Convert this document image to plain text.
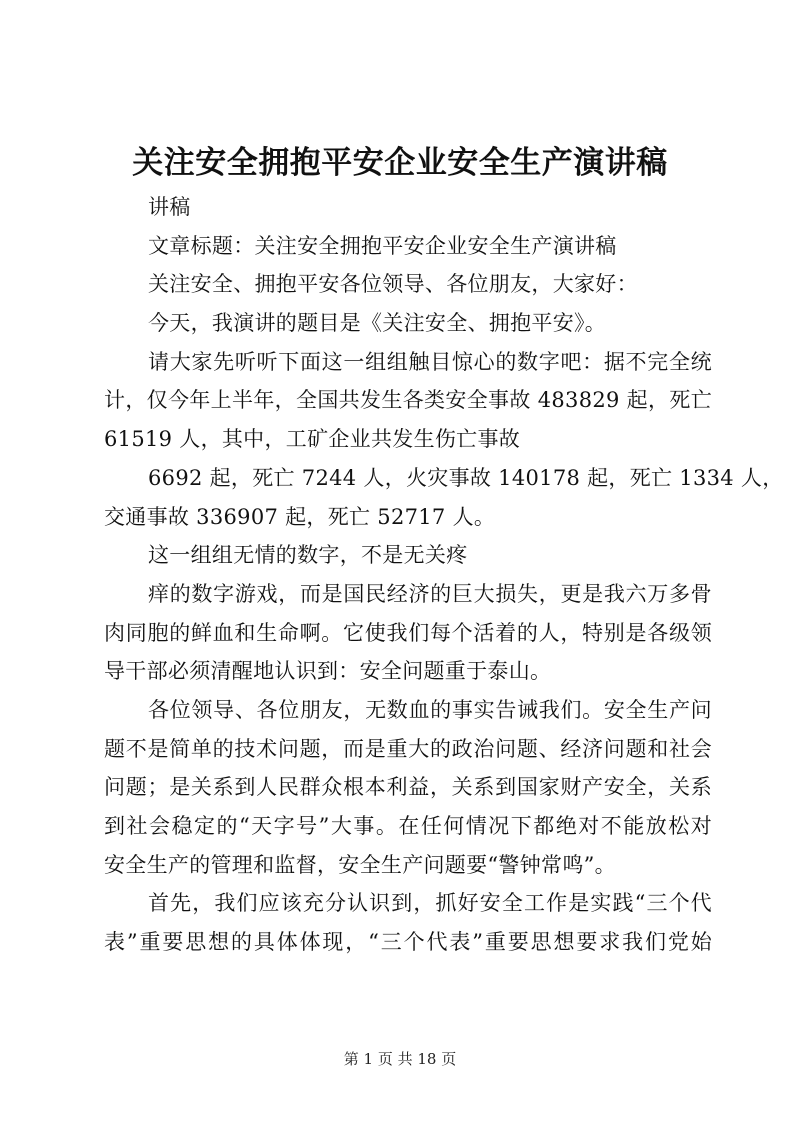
关注安全拥抱平安企业安全生产演讲稿
讲稿
文章标题：关注安全拥抱平安企业安全生产演讲稿
关注安全、拥抱平安各位领导、各位朋友，大家好：
今天，我演讲的题目是《关注安全、拥抱平安》。
请大家先听听下面这一组组触目惊心的数字吧：据不完全统
计，仅今年上半年，全国共发生各类安全事故 483829 起，死亡
61519 人，其中，工矿企业共发生伤亡事故
6692 起，死亡 7244 人，火灾事故 140178 起，死亡 1334 人，
交通事故 336907 起，死亡 52717 人。
这一组组无情的数字，不是无关疼
痒的数字游戏，而是国民经济的巨大损失，更是我六万多骨
肉同胞的鲜血和生命啊。它使我们每个活着的人，特别是各级领
导干部必须清醒地认识到：安全问题重于泰山。
各位领导、各位朋友，无数血的事实告诫我们。安全生产问
题不是简单的技术问题，而是重大的政治问题、经济问题和社会
问题；是关系到人民群众根本利益，关系到国家财产安全，关系
到社会稳定的“天字号”大事。在任何情况下都绝对不能放松对
安全生产的管理和监督，安全生产问题要“警钟常鸣”。
首先，我们应该充分认识到，抓好安全工作是实践“三个代
表”重要思想的具体体现，“三个代表”重要思想要求我们党始
第 1 页 共 18 页
